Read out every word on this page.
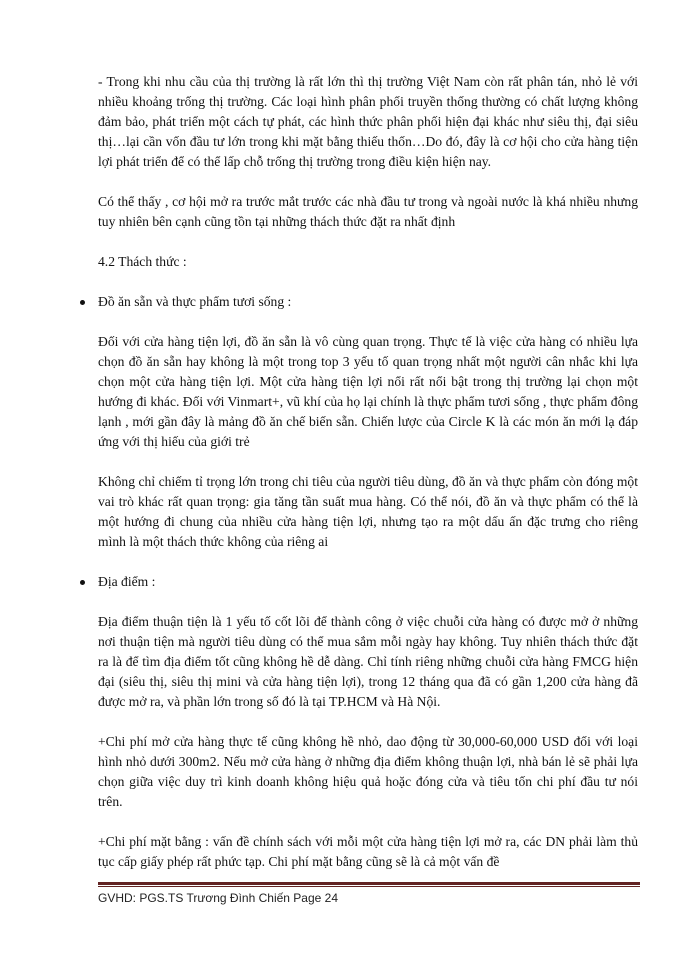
- Trong khi nhu cầu của thị trường là rất lớn thì thị trường Việt Nam còn rất phân tán, nhỏ lẻ với nhiều khoảng trống thị trường. Các loại hình phân phối truyền thống thường có chất lượng không đảm bảo, phát triển một cách tự phát, các hình thức phân phối hiện đại khác như siêu thị, đại siêu thị…lại cần vốn đầu tư lớn trong khi mặt bằng thiếu thốn…Do đó, đây là cơ hội cho cửa hàng tiện lợi phát triển để có thể lấp chỗ trống thị trường trong điều kiện hiện nay.

Có thể thấy , cơ hội mở ra trước mắt trước các nhà đầu tư trong và ngoài nước là khá nhiều nhưng tuy nhiên bên cạnh cũng tồn tại những thách thức đặt ra nhất định

4.2 Thách thức :

Đồ ăn sẵn và thực phẩm tươi sống :

Đối với cửa hàng tiện lợi, đồ ăn sẵn là vô cùng quan trọng. Thực tế là việc cửa hàng có nhiều lựa chọn đồ ăn sẵn hay không là một trong top 3 yếu tố quan trọng nhất một người cân nhắc khi lựa chọn một cửa hàng tiện lợi. Một cửa hàng tiện lợi nổi rất nổi bật trong thị trường lại chọn một hướng đi khác. Đối với Vinmart+, vũ khí của họ lại chính là thực phẩm tươi sống , thực phẩm đông lạnh , mới gần đây là mảng đồ ăn chế biến sẵn. Chiến lược của Circle K là các món ăn mới lạ đáp ứng với thị hiếu của giới trẻ

Không chỉ chiếm tỉ trọng lớn trong chi tiêu của người tiêu dùng, đồ ăn và thực phẩm còn đóng một vai trò khác rất quan trọng: gia tăng tần suất mua hàng. Có thể nói, đồ ăn và thực phẩm có thể là một hướng đi chung của nhiều cửa hàng tiện lợi, nhưng tạo ra một dấu ấn đặc trưng cho riêng mình là một thách thức không của riêng ai

Địa điểm :

Địa điểm thuận tiện là 1 yếu tố cốt lõi để thành công ở việc chuỗi cửa hàng có được mở ở những nơi thuận tiện mà người tiêu dùng có thể mua sắm mỗi ngày hay không. Tuy nhiên thách thức đặt ra là để tìm địa điểm tốt cũng không hề dễ dàng. Chỉ tính riêng những chuỗi cửa hàng FMCG hiện đại (siêu thị, siêu thị mini và cửa hàng tiện lợi), trong 12 tháng qua đã có gần 1,200 cửa hàng đã được mở ra, và phần lớn trong số đó là tại TP.HCM và Hà Nội.

+Chi phí mở cửa hàng thực tế cũng không hề nhỏ, dao động từ 30,000-60,000 USD đối với loại hình nhỏ dưới 300m2. Nếu mở cửa hàng ở những địa điểm không thuận lợi, nhà bán lẻ sẽ phải lựa chọn giữa việc duy trì kinh doanh không hiệu quả hoặc đóng cửa và tiêu tốn chi phí đầu tư nói trên.

+Chi phí mặt bằng : vấn đề chính sách với mỗi một cửa hàng tiện lợi mở ra, các DN phải làm thủ tục cấp giấy phép rất phức tạp. Chi phí mặt bằng cũng sẽ là cả một vấn đề

GVHD: PGS.TS Trương Đình Chiến Page 24
